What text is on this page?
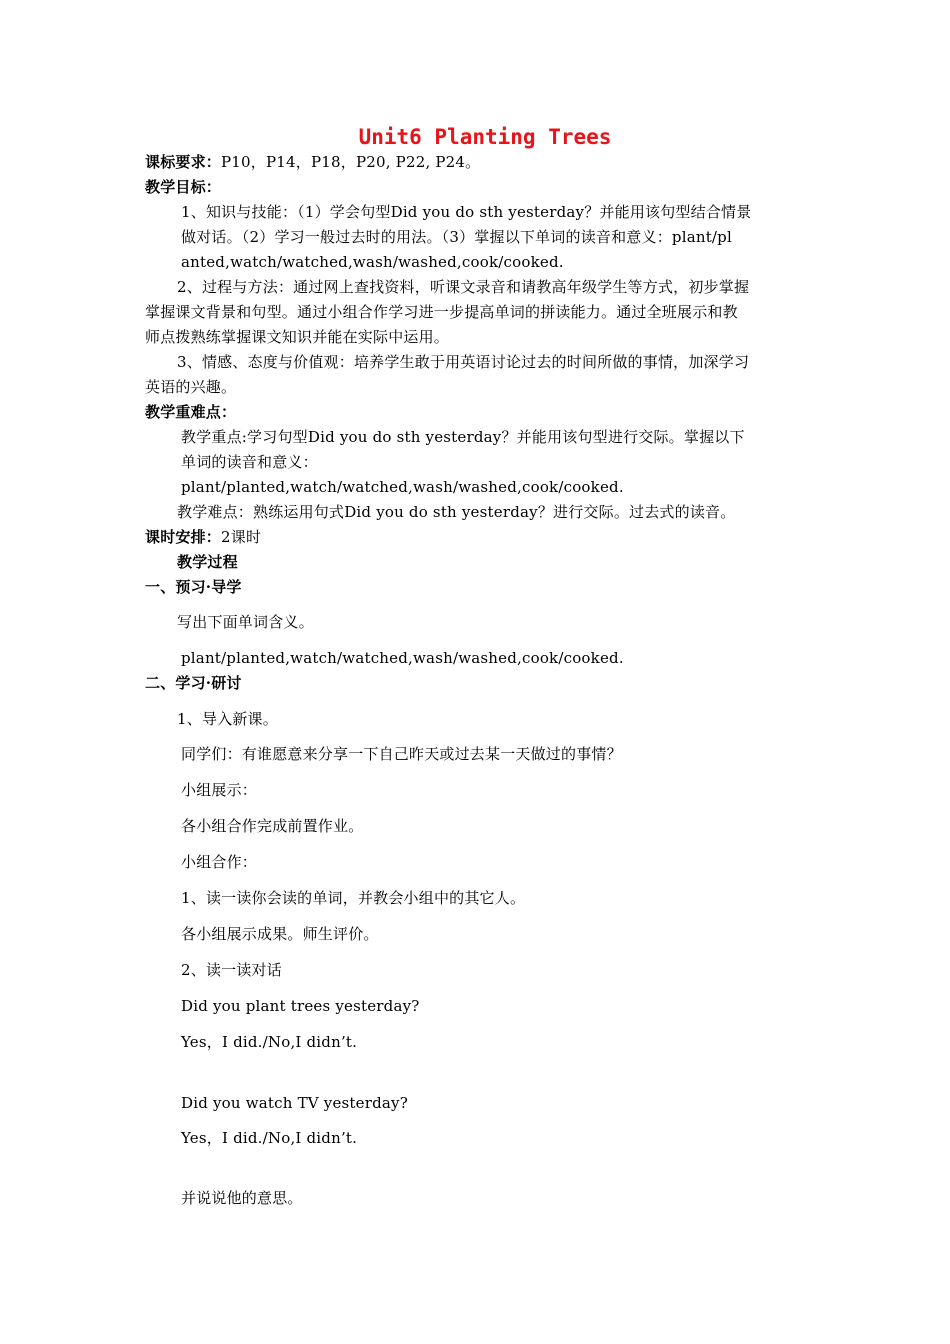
Unit6 Planting Trees
课标要求：P10，P14，P18，P20, P22, P24。
教学目标：
1、知识与技能：（1）学会句型Did you do sth yesterday？并能用该句型结合情景
做对话。（2）学习一般过去时的用法。（3）掌握以下单词的读音和意义：plant/pl
anted,watch/watched,wash/washed,cook/cooked.
2、过程与方法：通过网上查找资料，听课文录音和请教高年级学生等方式，初步掌握
掌握课文背景和句型。通过小组合作学习进一步提高单词的拼读能力。通过全班展示和教
师点拨熟练掌握课文知识并能在实际中运用。
3、情感、态度与价值观：培养学生敢于用英语讨论过去的时间所做的事情，加深学习
英语的兴趣。
教学重难点：
教学重点:学习句型Did you do sth yesterday？并能用该句型进行交际。掌握以下
单词的读音和意义：
plant/planted,watch/watched,wash/washed,cook/cooked.
教学难点：熟练运用句式Did you do sth yesterday？进行交际。过去式的读音。
课时安排：2课时
教学过程
一、预习·导学
写出下面单词含义。
plant/planted,watch/watched,wash/washed,cook/cooked.
二、学习·研讨
1、导入新课。
同学们：有谁愿意来分享一下自己昨天或过去某一天做过的事情？
小组展示：
各小组合作完成前置作业。
小组合作：
1、读一读你会读的单词，并教会小组中的其它人。
各小组展示成果。师生评价。
2、读一读对话
Did you plant trees yesterday?
Yes，I did./No,I didn’t.
Did you watch TV yesterday?
Yes，I did./No,I didn’t.
并说说他的意思。
